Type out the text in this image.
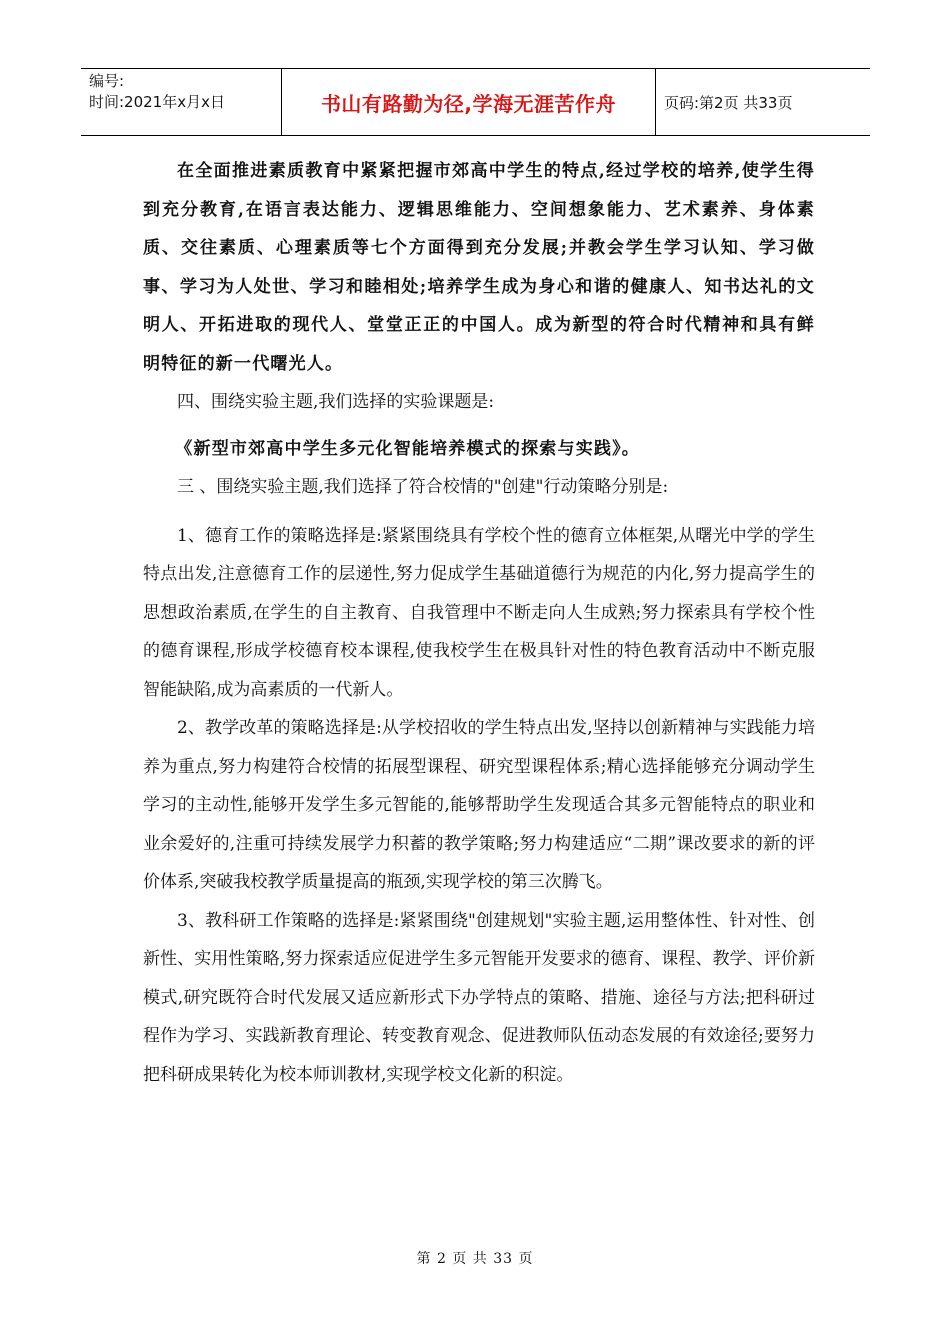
编号:
时间:2021年x月x日	书山有路勤为径,学海无涯苦作舟	页码:第2页 共33页

在全面推进素质教育中紧紧把握市郊高中学生的特点,经过学校的培养,使学生得到充分教育,在语言表达能力、逻辑思维能力、空间想象能力、艺术素养、身体素质、交往素质、心理素质等七个方面得到充分发展;并教会学生学习认知、学习做事、学习为人处世、学习和睦相处;培养学生成为身心和谐的健康人、知书达礼的文明人、开拓进取的现代人、堂堂正正的中国人。成为新型的符合时代精神和具有鲜明特征的新一代曙光人。

四、围绕实验主题,我们选择的实验课题是:

《新型市郊高中学生多元化智能培养模式的探索与实践》。

三 、围绕实验主题,我们选择了符合校情的"创建"行动策略分别是:

1、德育工作的策略选择是:紧紧围绕具有学校个性的德育立体框架,从曙光中学的学生特点出发,注意德育工作的层递性,努力促成学生基础道德行为规范的内化,努力提高学生的思想政治素质,在学生的自主教育、自我管理中不断走向人生成熟;努力探索具有学校个性的德育课程,形成学校德育校本课程,使我校学生在极具针对性的特色教育活动中不断克服智能缺陷,成为高素质的一代新人。

2、教学改革的策略选择是:从学校招收的学生特点出发,坚持以创新精神与实践能力培养为重点,努力构建符合校情的拓展型课程、研究型课程体系;精心选择能够充分调动学生学习的主动性,能够开发学生多元智能的,能够帮助学生发现适合其多元智能特点的职业和业余爱好的,注重可持续发展学力积蓄的教学策略;努力构建适应“二期”课改要求的新的评价体系,突破我校教学质量提高的瓶颈,实现学校的第三次腾飞。

3、教科研工作策略的选择是:紧紧围绕"创建规划"实验主题,运用整体性、针对性、创新性、实用性策略,努力探索适应促进学生多元智能开发要求的德育、课程、教学、评价新模式,研究既符合时代发展又适应新形式下办学特点的策略、措施、途径与方法;把科研过程作为学习、实践新教育理论、转变教育观念、促进教师队伍动态发展的有效途径;要努力把科研成果转化为校本师训教材,实现学校文化新的积淀。

第 2 页 共 33 页
